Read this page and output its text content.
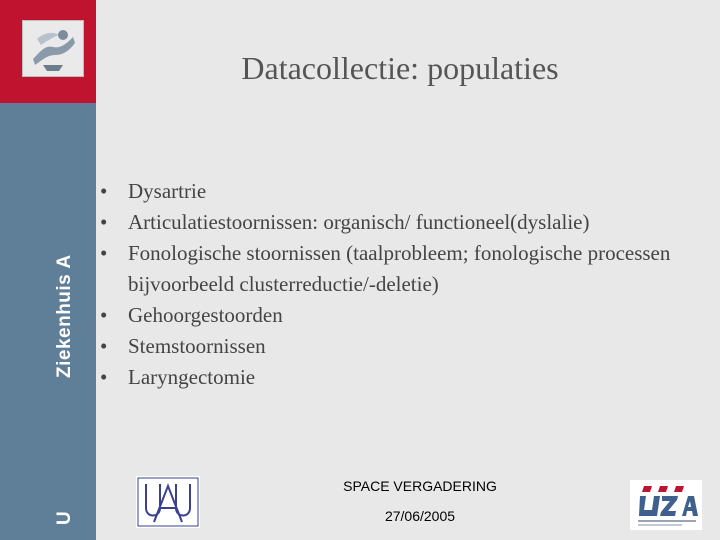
Ziekenhuis A
U
Datacollectie: populaties
• Dysartrie
• Articulatiestoornissen: organisch/ functioneel(dyslalie)
• Fonologische stoornissen (taalprobleem; fonologische processen bijvoorbeeld clusterreductie/-deletie)
• Gehoorgestoorden
• Stemstoornissen
• Laryngectomie
SPACE VERGADERING
27/06/2005
